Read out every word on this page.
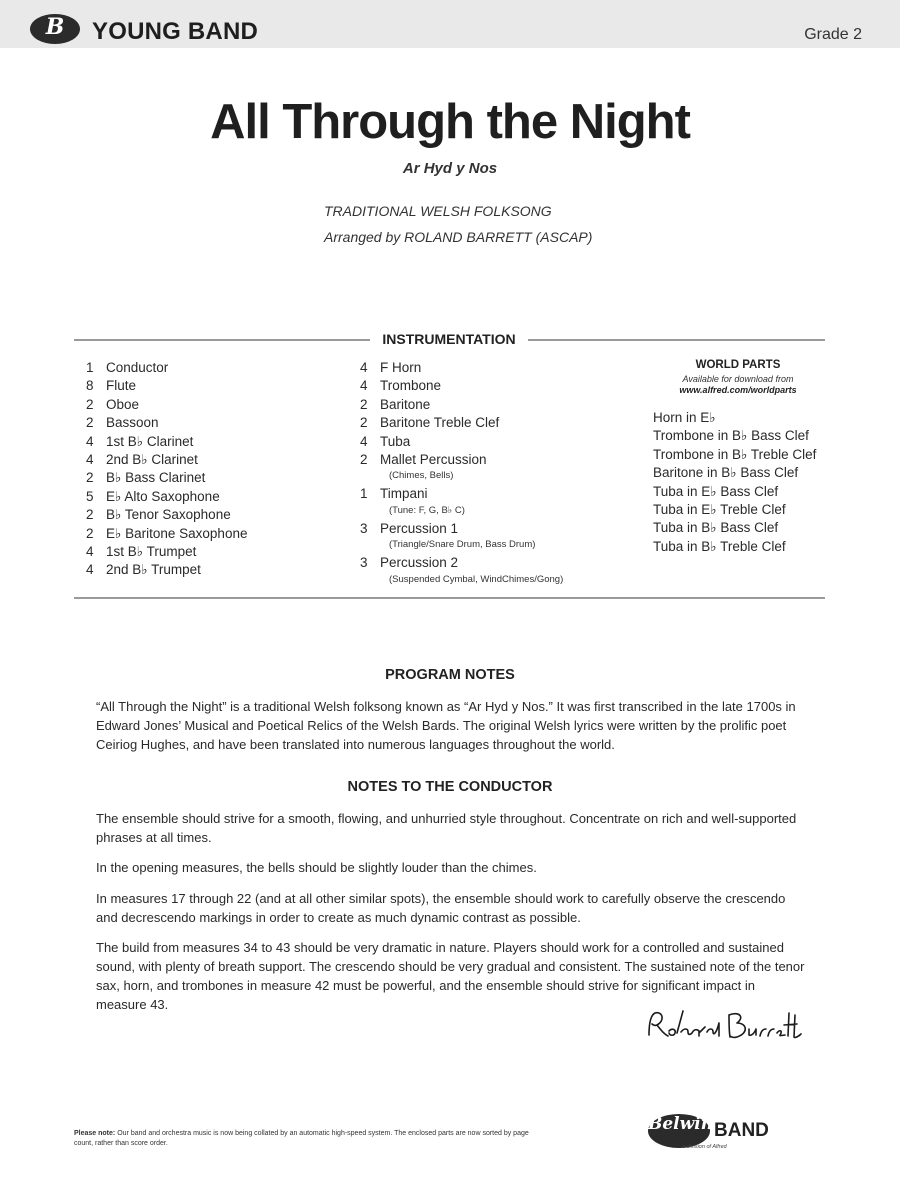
B	YOUNG BAND	Grade 2
All Through the Night
Ar Hyd y Nos
TRADITIONAL WELSH FOLKSONG
Arranged by ROLAND BARRETT (ASCAP)
INSTRUMENTATION
1 Conductor
8 Flute
2 Oboe
2 Bassoon
4 1st B♭ Clarinet
4 2nd B♭ Clarinet
2 B♭ Bass Clarinet
5 E♭ Alto Saxophone
2 B♭ Tenor Saxophone
2 E♭ Baritone Saxophone
4 1st B♭ Trumpet
4 2nd B♭ Trumpet
4 F Horn
4 Trombone
2 Baritone
2 Baritone Treble Clef
4 Tuba
2 Mallet Percussion
(Chimes, Bells)
1 Timpani
(Tune: F, G, B♭ C)
3 Percussion 1
(Triangle/Snare Drum, Bass Drum)
3 Percussion 2
(Suspended Cymbal, WindChimes/Gong)
WORLD PARTS
Available for download from
www.alfred.com/worldparts
Horn in E♭
Trombone in B♭ Bass Clef
Trombone in B♭ Treble Clef
Baritone in B♭ Bass Clef
Tuba in E♭ Bass Clef
Tuba in E♭ Treble Clef
Tuba in B♭ Bass Clef
Tuba in B♭ Treble Clef
PROGRAM NOTES

“All Through the Night” is a traditional Welsh folksong known as “Ar Hyd y Nos.” It was first transcribed in the late 1700s in Edward Jones’ Musical and Poetical Relics of the Welsh Bards. The original Welsh lyrics were written by the prolific poet Ceiriog Hughes, and have been translated into numerous languages throughout the world.

NOTES TO THE CONDUCTOR

The ensemble should strive for a smooth, flowing, and unhurried style throughout. Concentrate on rich and well-supported phrases at all times.

In the opening measures, the bells should be slightly louder than the chimes.

In measures 17 through 22 (and at all other similar spots), the ensemble should work to carefully observe the crescendo and decrescendo markings in order to create as much dynamic contrast as possible.

The build from measures 34 to 43 should be very dramatic in nature. Players should work for a controlled and sustained sound, with plenty of breath support. The crescendo should be very gradual and consistent. The sustained note of the tenor sax, horn, and trombones in measure 42 must be powerful, and the ensemble should strive for significant impact in measure 43.

Please note: Our band and orchestra music is now being collated by an automatic high-speed system. The enclosed parts are now sorted by page count, rather than score order.
Belwin BAND
a division of Alfred
